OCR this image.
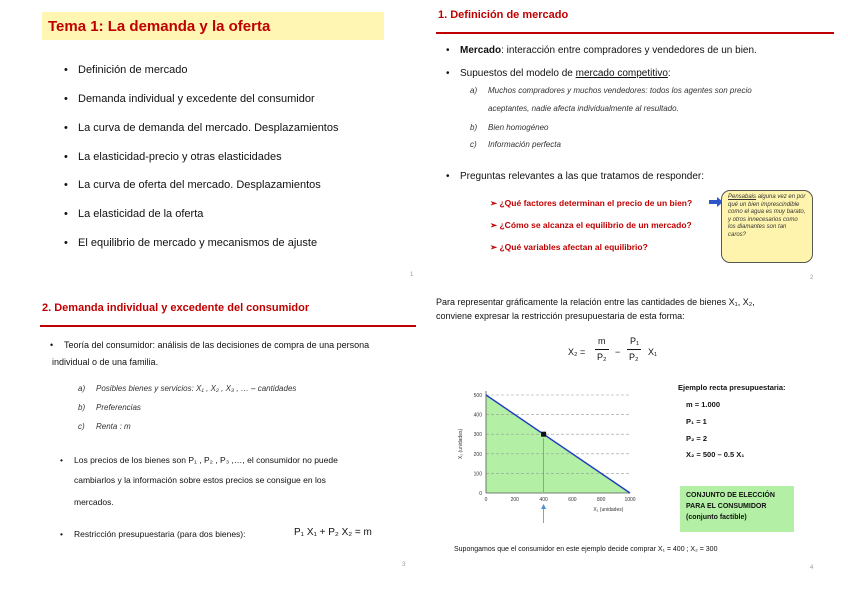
Tema 1: La demanda y la oferta
• Definición de mercado
• Demanda individual y excedente del consumidor
• La curva de demanda del mercado. Desplazamientos
• La elasticidad-precio y otras elasticidades
• La curva de oferta del mercado. Desplazamientos
• La elasticidad de la oferta
• El equilibrio de mercado y mecanismos de ajuste
1
1. Definición de mercado
• Mercado: interacción entre compradores y vendedores de un bien.
• Supuestos del modelo de mercado competitivo:
a) Muchos compradores y muchos vendedores: todos los agentes son precio
aceptantes, nadie afecta individualmente al resultado.
b) Bien homogéneo
c) Información perfecta
• Preguntas relevantes a las que tratamos de responder:
➢ ¿Qué factores determinan el precio de un bien?
➢ ¿Cómo se alcanza el equilibrio de un mercado?
➢ ¿Qué variables afectan al equilibrio?
Pensabais alguna vez en por qué un bien imprescindible como el agua es muy barato, y otros innecesarios como los diamantes son tan caros?
2
2. Demanda individual y excedente del consumidor
• Teoría del consumidor: análisis de las decisiones de compra de una persona
individual o de una familia.
a) Posibles bienes y servicios: X₁ , X₂ , X₃ , … – cantidades
b) Preferencias
c) Renta : m
• Los precios de los bienes son P₁ , P₂ , P₃ ,…, el consumidor no puede
cambiarlos y la información sobre estos precios se consigue en los
mercados.
• Restricción presupuestaria (para dos bienes):	P₁ X₁ + P₂ X₂ = m
3
Para representar gráficamente la relación entre las cantidades de bienes X₁, X₂,
conviene expresar la restricción presupuestaria de esta forma:
X₂ =
m
P₂ −
P₁
P₂ X₁
0
100
200
300
400
500
0	200	400	600	800	1000
X₂ (unidades)
X₁ (unidades)
Ejemplo recta presupuestaria:
m = 1.000
P₁ = 1
P₂ = 2
X₂ = 500 – 0.5 X₁
CONJUNTO DE ELECCIÓN
PARA EL CONSUMIDOR
(conjunto factible)
Supongamos que el consumidor en este ejemplo decide comprar X₁ = 400 ; X₂ = 300
4
